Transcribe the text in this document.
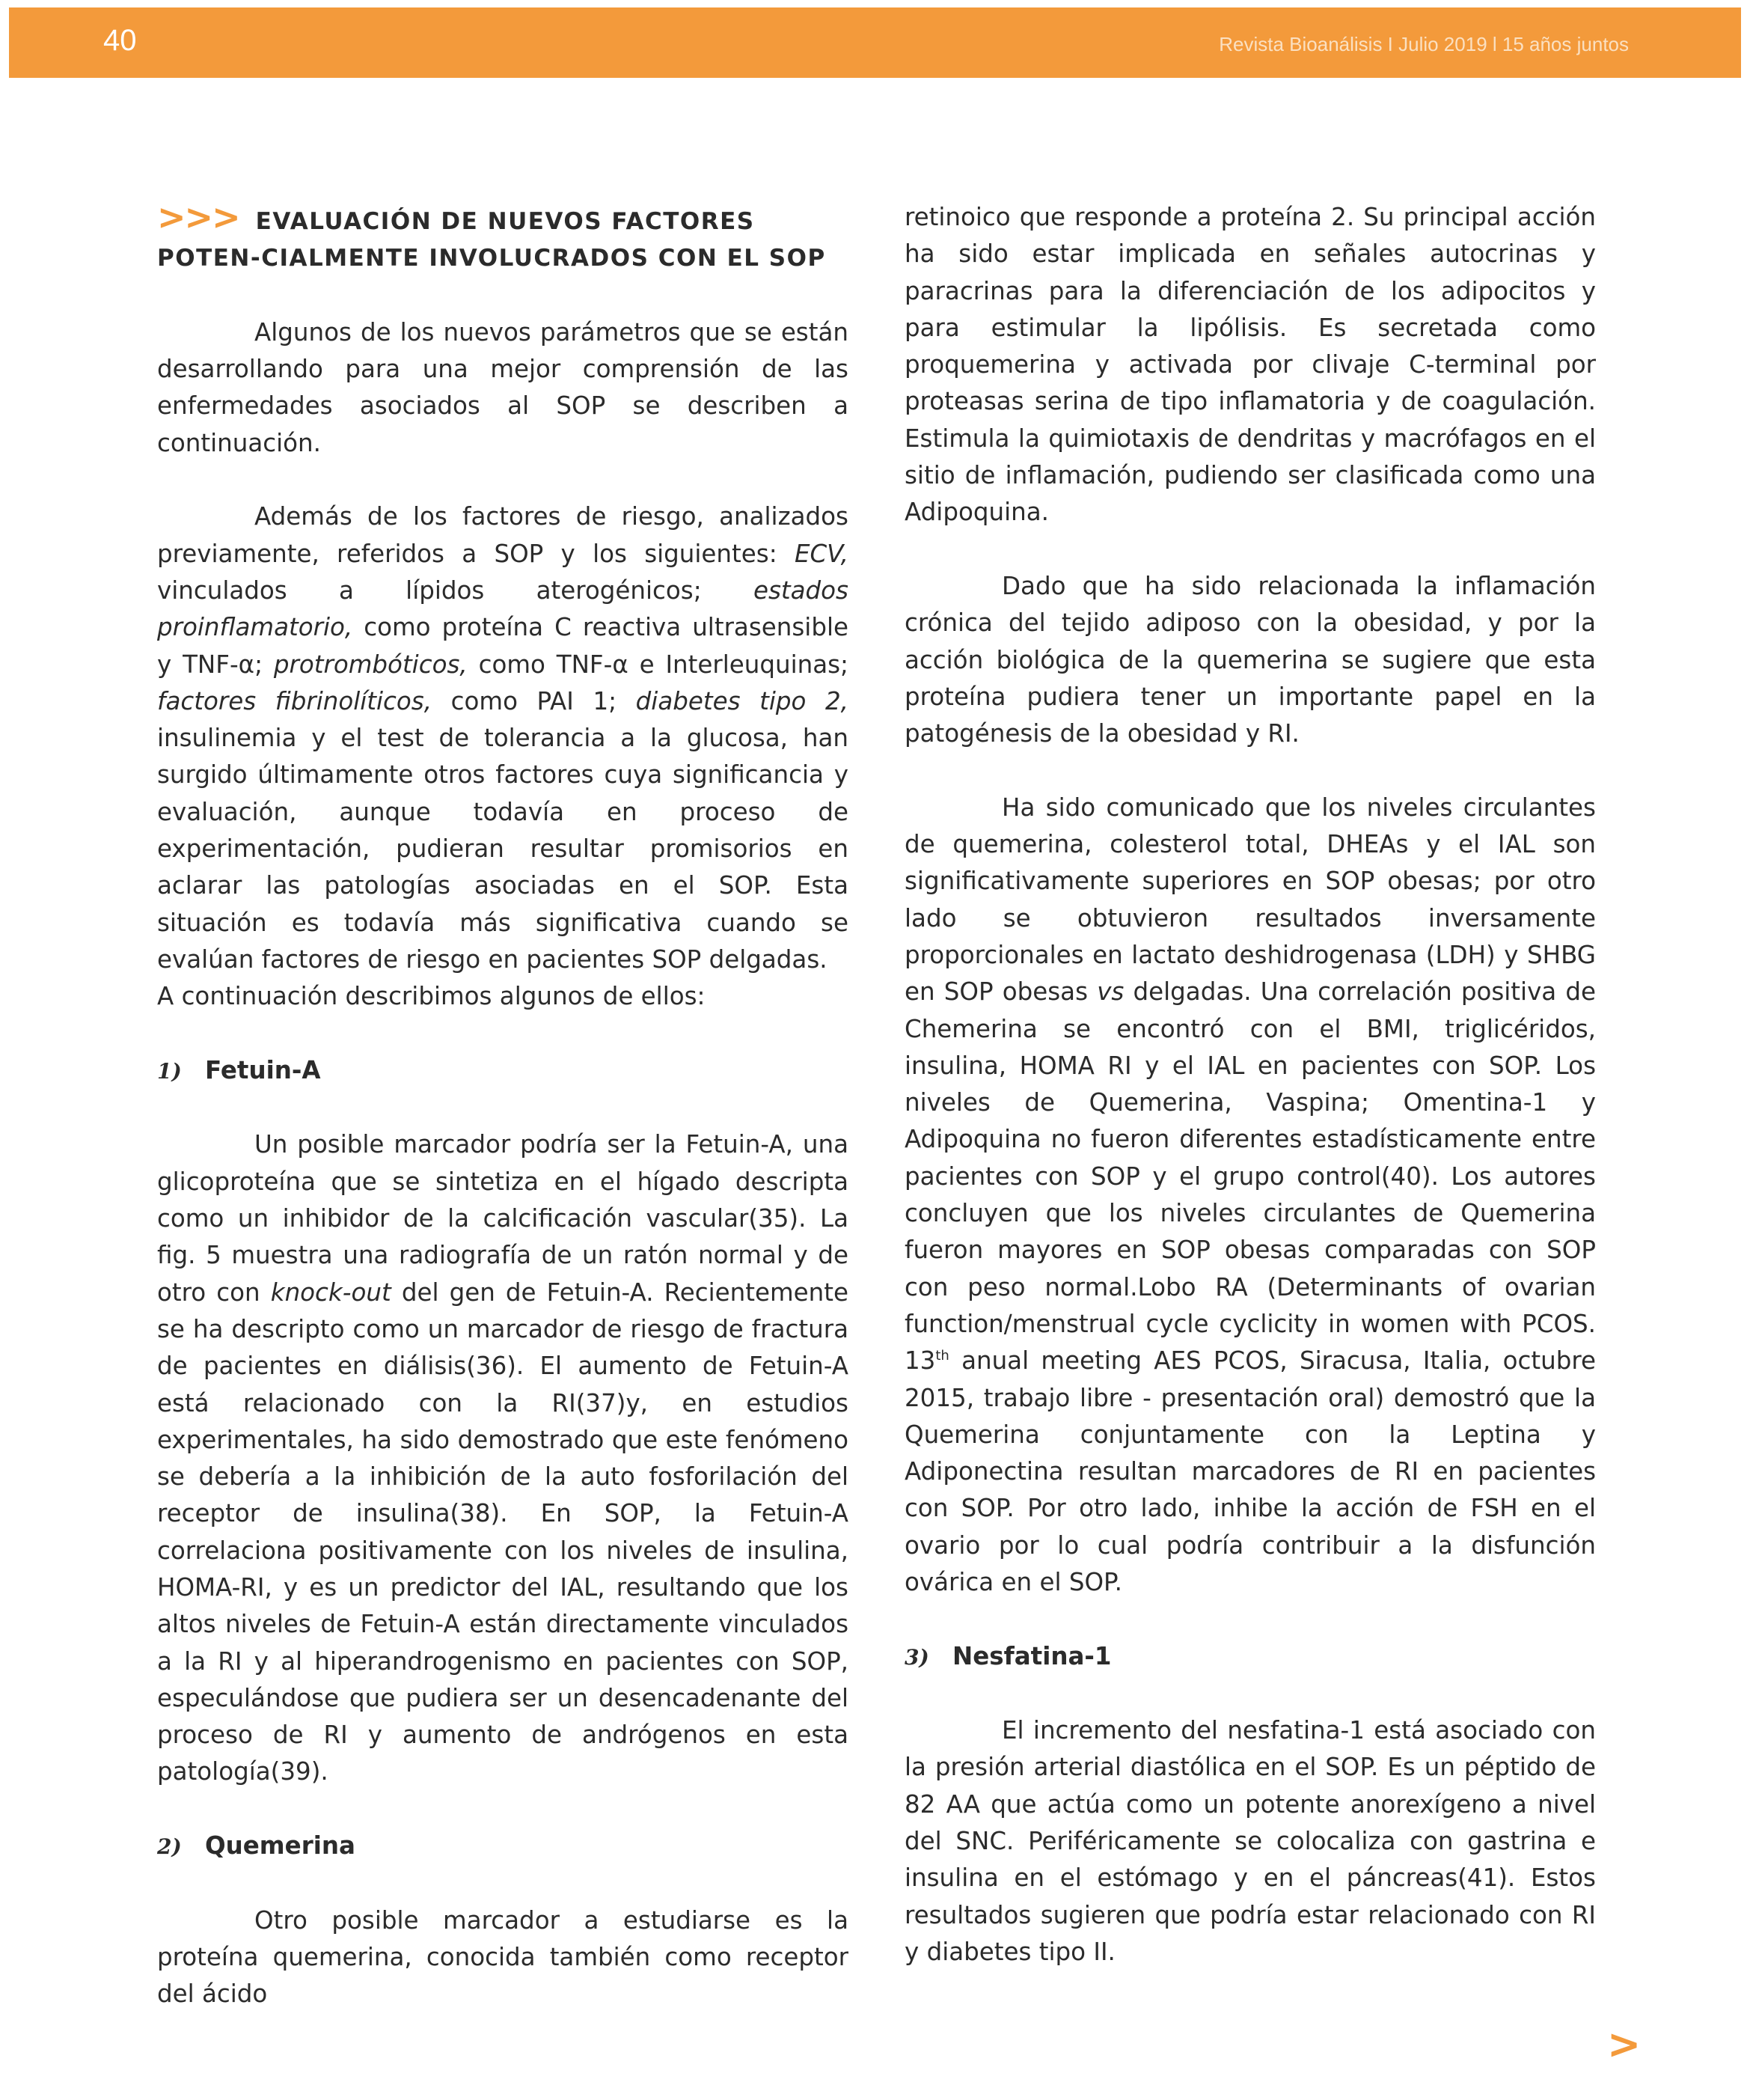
40	Revista Bioanálisis I Julio 2019 l 15 años juntos
>>> EVALUACIÓN DE NUEVOS FACTORES POTEN-CIALMENTE INVOLUCRADOS CON EL SOP

Algunos de los nuevos parámetros que se están desarrollando para una mejor comprensión de las enfermedades asociados al SOP se describen a continuación.

Además de los factores de riesgo, analizados previamente, referidos a SOP y los siguientes: ECV, vinculados a lípidos aterogénicos; estados proinflamatorio, como proteína C reactiva ultrasensible y TNF-α; protrombóticos, como TNF-α e Interleuquinas; factores fibrinolíticos, como PAI 1; diabetes tipo 2, insulinemia y el test de tolerancia a la glucosa, han surgido últimamente otros factores cuya significancia y evaluación, aunque todavía en proceso de experimentación, pudieran resultar promisorios en aclarar las patologías asociadas en el SOP. Esta situación es todavía más significativa cuando se evalúan factores de riesgo en pacientes SOP delgadas.

A continuación describimos algunos de ellos:

1) Fetuin-A

Un posible marcador podría ser la Fetuin-A, una glicoproteína que se sintetiza en el hígado descripta como un inhibidor de la calcificación vascular(35). La fig. 5 muestra una radiografía de un ratón normal y de otro con knock-out del gen de Fetuin-A. Recientemente se ha descripto como un marcador de riesgo de fractura de pacientes en diálisis(36). El aumento de Fetuin-A está relacionado con la RI(37)y, en estudios experimentales, ha sido demostrado que este fenómeno se debería a la inhibición de la auto fosforilación del receptor de insulina(38). En SOP, la Fetuin-A correlaciona positivamente con los niveles de insulina, HOMA-RI, y es un predictor del IAL, resultando que los altos niveles de Fetuin-A están directamente vinculados a la RI y al hiperandrogenismo en pacientes con SOP, especulándose que pudiera ser un desencadenante del proceso de RI y aumento de andrógenos en esta patología(39).

2) Quemerina

Otro posible marcador a estudiarse es la proteína quemerina, conocida también como receptor del ácido

retinoico que responde a proteína 2. Su principal acción ha sido estar implicada en señales autocrinas y paracrinas para la diferenciación de los adipocitos y para estimular la lipólisis. Es secretada como proquemerina y activada por clivaje C-terminal por proteasas serina de tipo inflamatoria y de coagulación. Estimula la quimiotaxis de dendritas y macrófagos en el sitio de inflamación, pudiendo ser clasificada como una Adipoquina.

Dado que ha sido relacionada la inflamación crónica del tejido adiposo con la obesidad, y por la acción biológica de la quemerina se sugiere que esta proteína pudiera tener un importante papel en la patogénesis de la obesidad y RI.

Ha sido comunicado que los niveles circulantes de quemerina, colesterol total, DHEAs y el IAL son significativamente superiores en SOP obesas; por otro lado se obtuvieron resultados inversamente proporcionales en lactato deshidrogenasa (LDH) y SHBG en SOP obesas vs delgadas. Una correlación positiva de Chemerina se encontró con el BMI, triglicéridos, insulina, HOMA RI y el IAL en pacientes con SOP. Los niveles de Quemerina, Vaspina; Omentina-1 y Adipoquina no fueron diferentes estadísticamente entre pacientes con SOP y el grupo control(40). Los autores concluyen que los niveles circulantes de Quemerina fueron mayores en SOP obesas comparadas con SOP con peso normal.Lobo RA (Determinants of ovarian function/menstrual cycle cyclicity in women with PCOS. 13th anual meeting AES PCOS, Siracusa, Italia, octubre 2015, trabajo libre - presentación oral) demostró que la Quemerina conjuntamente con la Leptina y Adiponectina resultan marcadores de RI en pacientes con SOP. Por otro lado, inhibe la acción de FSH en el ovario por lo cual podría contribuir a la disfunción ovárica en el SOP.

3) Nesfatina-1

El incremento del nesfatina-1 está asociado con la presión arterial diastólica en el SOP. Es un péptido de 82 AA que actúa como un potente anorexígeno a nivel del SNC. Periféricamente se colocaliza con gastrina e insulina en el estómago y en el páncreas(41). Estos resultados sugieren que podría estar relacionado con RI y diabetes tipo II.

>
